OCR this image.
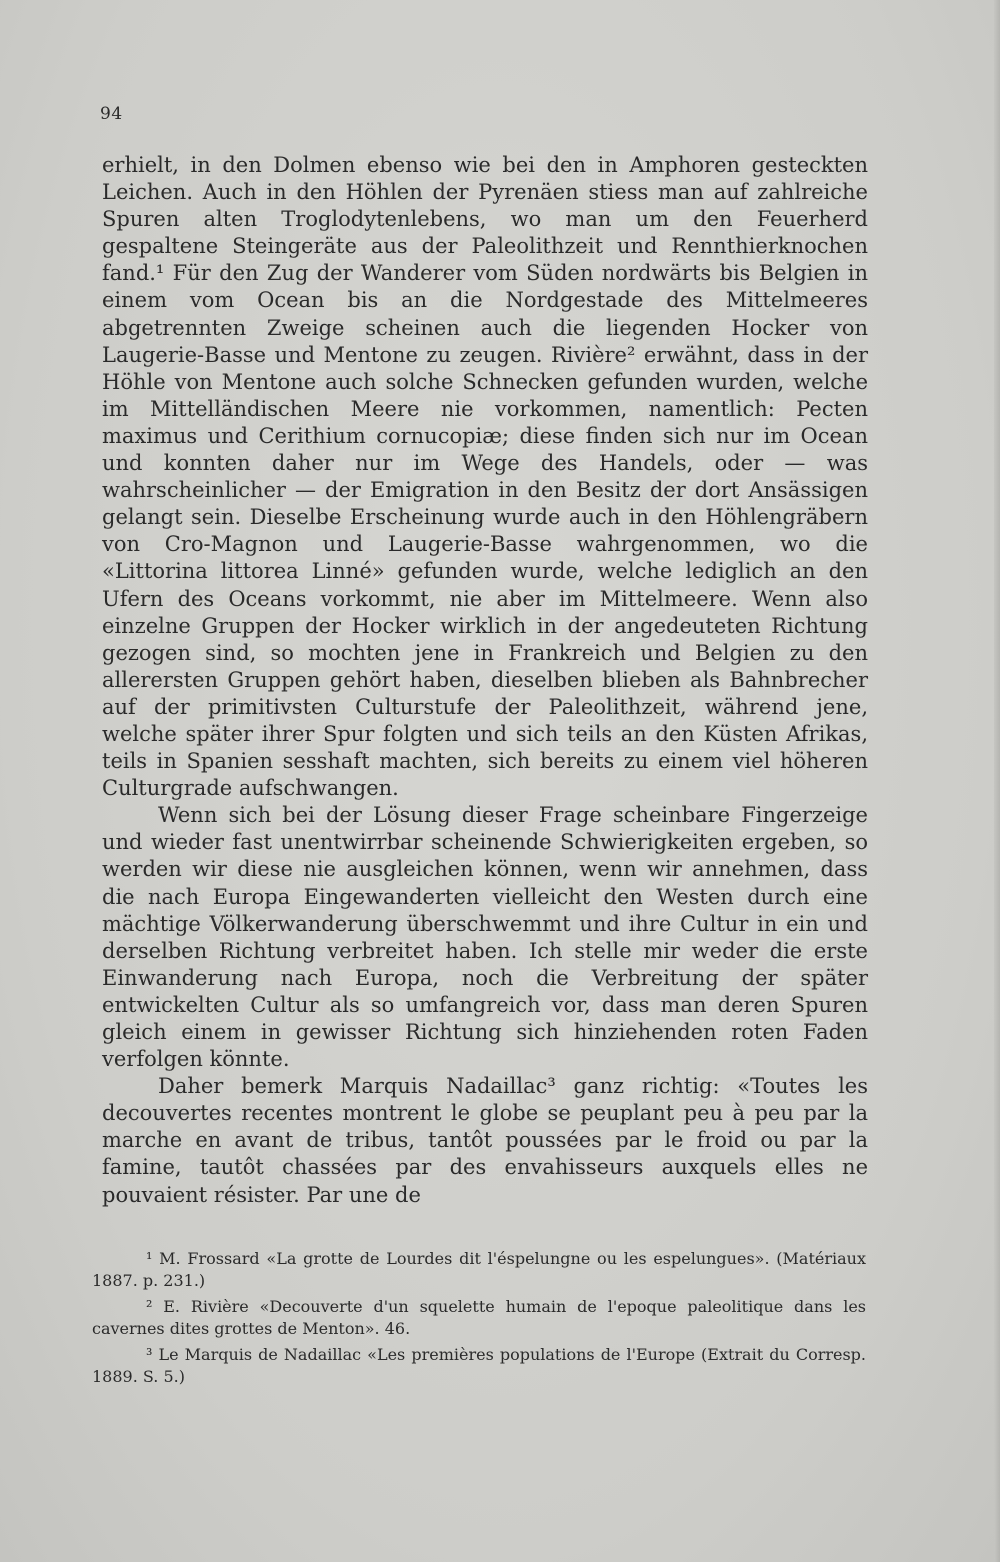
94

erhielt, in den Dolmen ebenso wie bei den in Amphoren gesteckten Leichen. Auch in den Höhlen der Pyrenäen stiess man auf zahlreiche Spuren alten Troglodytenlebens, wo man um den Feuerherd gespaltene Steingeräte aus der Paleolithzeit und Rennthierknochen fand.¹ Für den Zug der Wanderer vom Süden nordwärts bis Belgien in einem vom Ocean bis an die Nordgestade des Mittelmeeres abgetrennten Zweige scheinen auch die liegenden Hocker von Laugerie-Basse und Mentone zu zeugen. Rivière² erwähnt, dass in der Höhle von Mentone auch solche Schnecken gefunden wurden, welche im Mittelländischen Meere nie vorkommen, namentlich: Pecten maximus und Cerithium cornucopiæ; diese finden sich nur im Ocean und konnten daher nur im Wege des Handels, oder — was wahrscheinlicher — der Emigration in den Besitz der dort Ansässigen gelangt sein. Dieselbe Erscheinung wurde auch in den Höhlengräbern von Cro-Magnon und Laugerie-Basse wahrgenommen, wo die «Littorina littorea Linné» gefunden wurde, welche lediglich an den Ufern des Oceans vorkommt, nie aber im Mittelmeere. Wenn also einzelne Gruppen der Hocker wirklich in der angedeuteten Richtung gezogen sind, so mochten jene in Frankreich und Belgien zu den allerersten Gruppen gehört haben, dieselben blieben als Bahnbrecher auf der primitivsten Culturstufe der Paleolithzeit, während jene, welche später ihrer Spur folgten und sich teils an den Küsten Afrikas, teils in Spanien sesshaft machten, sich bereits zu einem viel höheren Culturgrade aufschwangen.

Wenn sich bei der Lösung dieser Frage scheinbare Fingerzeige und wieder fast unentwirrbar scheinende Schwierigkeiten ergeben, so werden wir diese nie ausgleichen können, wenn wir annehmen, dass die nach Europa Eingewanderten vielleicht den Westen durch eine mächtige Völkerwanderung überschwemmt und ihre Cultur in ein und derselben Richtung verbreitet haben. Ich stelle mir weder die erste Einwanderung nach Europa, noch die Verbreitung der später entwickelten Cultur als so umfangreich vor, dass man deren Spuren gleich einem in gewisser Richtung sich hinziehenden roten Faden verfolgen könnte.

Daher bemerk Marquis Nadaillac³ ganz richtig: «Toutes les decouvertes recentes montrent le globe se peuplant peu à peu par la marche en avant de tribus, tantôt poussées par le froid ou par la famine, tautôt chassées par des envahisseurs auxquels elles ne pouvaient résister. Par une de

¹ M. Frossard «La grotte de Lourdes dit l'éspelungne ou les espelungues». (Matériaux 1887. p. 231.)

² E. Rivière «Decouverte d'un squelette humain de l'epoque paleolitique dans les cavernes dites grottes de Menton». 46.

³ Le Marquis de Nadaillac «Les premières populations de l'Europe (Extrait du Corresp. 1889. S. 5.)
